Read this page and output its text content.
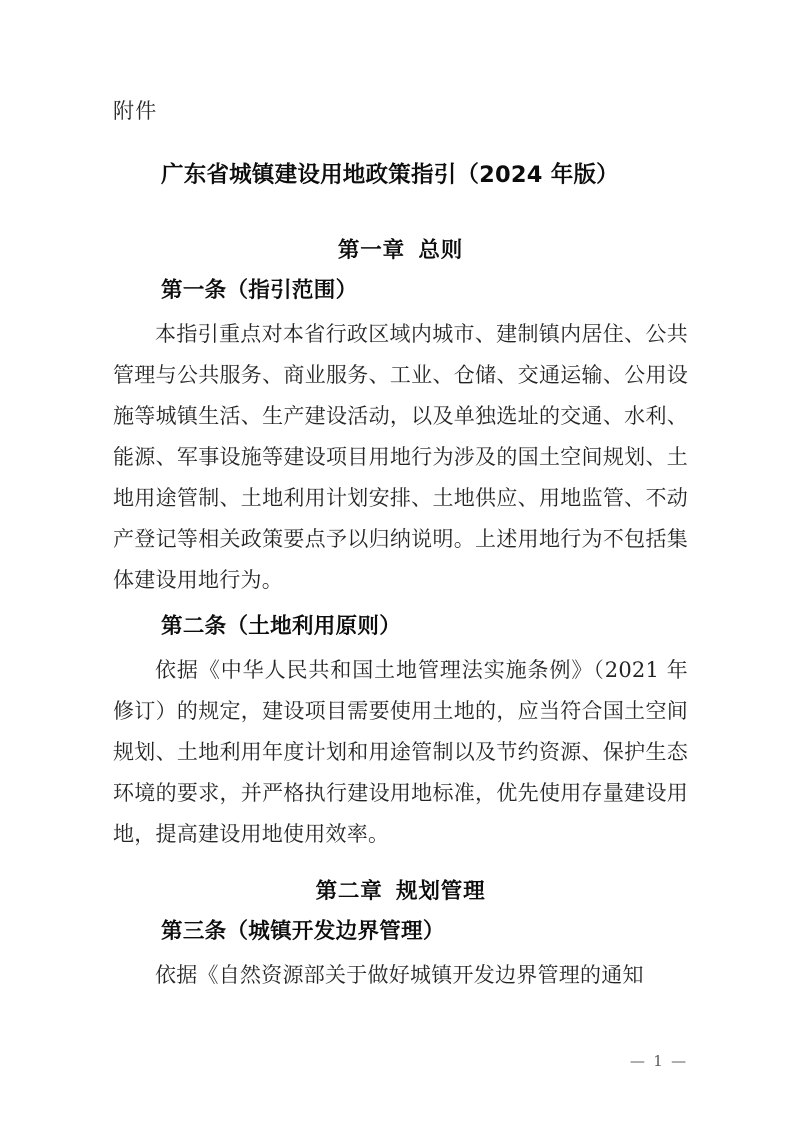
附件

广东省城镇建设用地政策指引（2024 年版）
第一章 总则
第一条（指引范围）

本指引重点对本省行政区域内城市、建制镇内居住、公共管理与公共服务、商业服务、工业、仓储、交通运输、公用设施等城镇生活、生产建设活动，以及单独选址的交通、水利、能源、军事设施等建设项目用地行为涉及的国土空间规划、土地用途管制、土地利用计划安排、土地供应、用地监管、不动产登记等相关政策要点予以归纳说明。上述用地行为不包括集体建设用地行为。

第二条（土地利用原则）

依据《中华人民共和国土地管理法实施条例》（2021 年修订）的规定，建设项目需要使用土地的，应当符合国土空间规划、土地利用年度计划和用途管制以及节约资源、保护生态环境的要求，并严格执行建设用地标准，优先使用存量建设用地，提高建设用地使用效率。

第二章 规划管理
第三条（城镇开发边界管理）

依据《自然资源部关于做好城镇开发边界管理的通知

— 1 —
